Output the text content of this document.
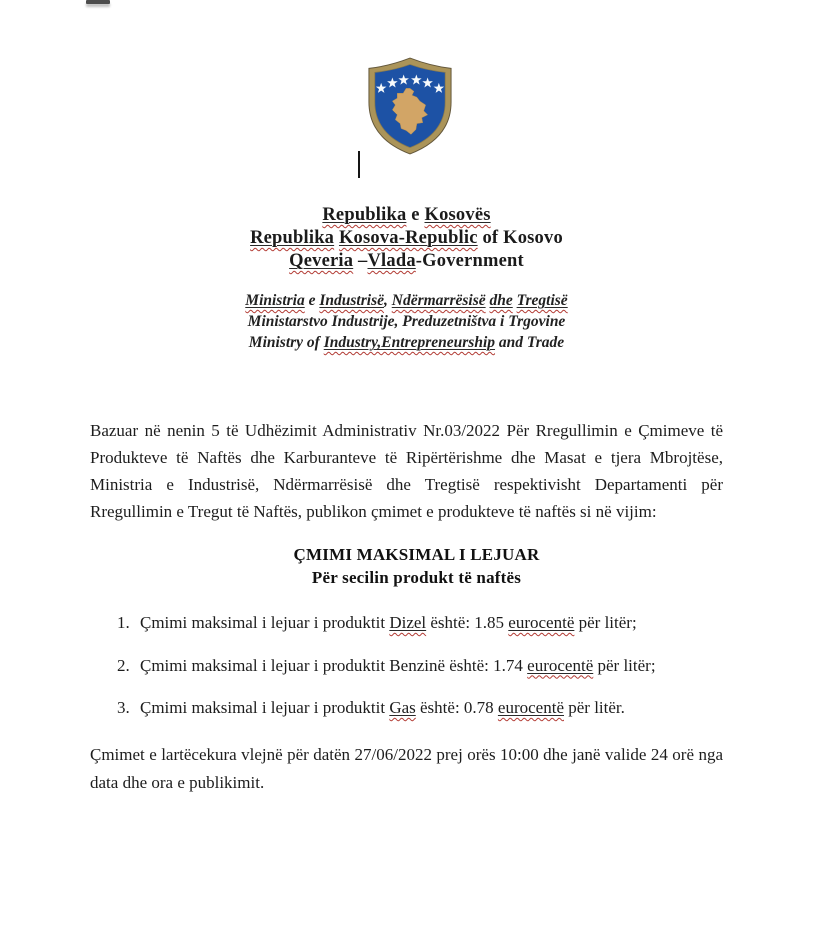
Republika e Kosovës
Republika Kosova-Republic of Kosovo
Qeveria –Vlada-Government
Ministria e Industrisë, Ndërmarrësisë dhe Tregtisë
Ministarstvo Industrije, Preduzetništva i Trgovine
Ministry of Industry,Entrepreneurship and Trade
Bazuar në nenin 5 të Udhëzimit Administrativ Nr.03/2022 Për Rregullimin e Çmimeve të Produkteve të Naftës dhe Karburanteve të Ripërtërishme dhe Masat e tjera Mbrojtëse, Ministria e Industrisë, Ndërmarrësisë dhe Tregtisë respektivisht Departamenti për Rregullimin e Tregut të Naftës, publikon çmimet e produkteve të naftës si në vijim:
ÇMIMI MAKSIMAL I LEJUAR
Për secilin produkt të naftës
1. Çmimi maksimal i lejuar i produktit Dizel është: 1.85 eurocentë për litër;
2. Çmimi maksimal i lejuar i produktit Benzinë është: 1.74 eurocentë për litër;
3. Çmimi maksimal i lejuar i produktit Gas është: 0.78 eurocentë për litër.
Çmimet e lartëcekura vlejnë për datën 27/06/2022 prej orës 10:00 dhe janë valide 24 orë nga data dhe ora e publikimit.
